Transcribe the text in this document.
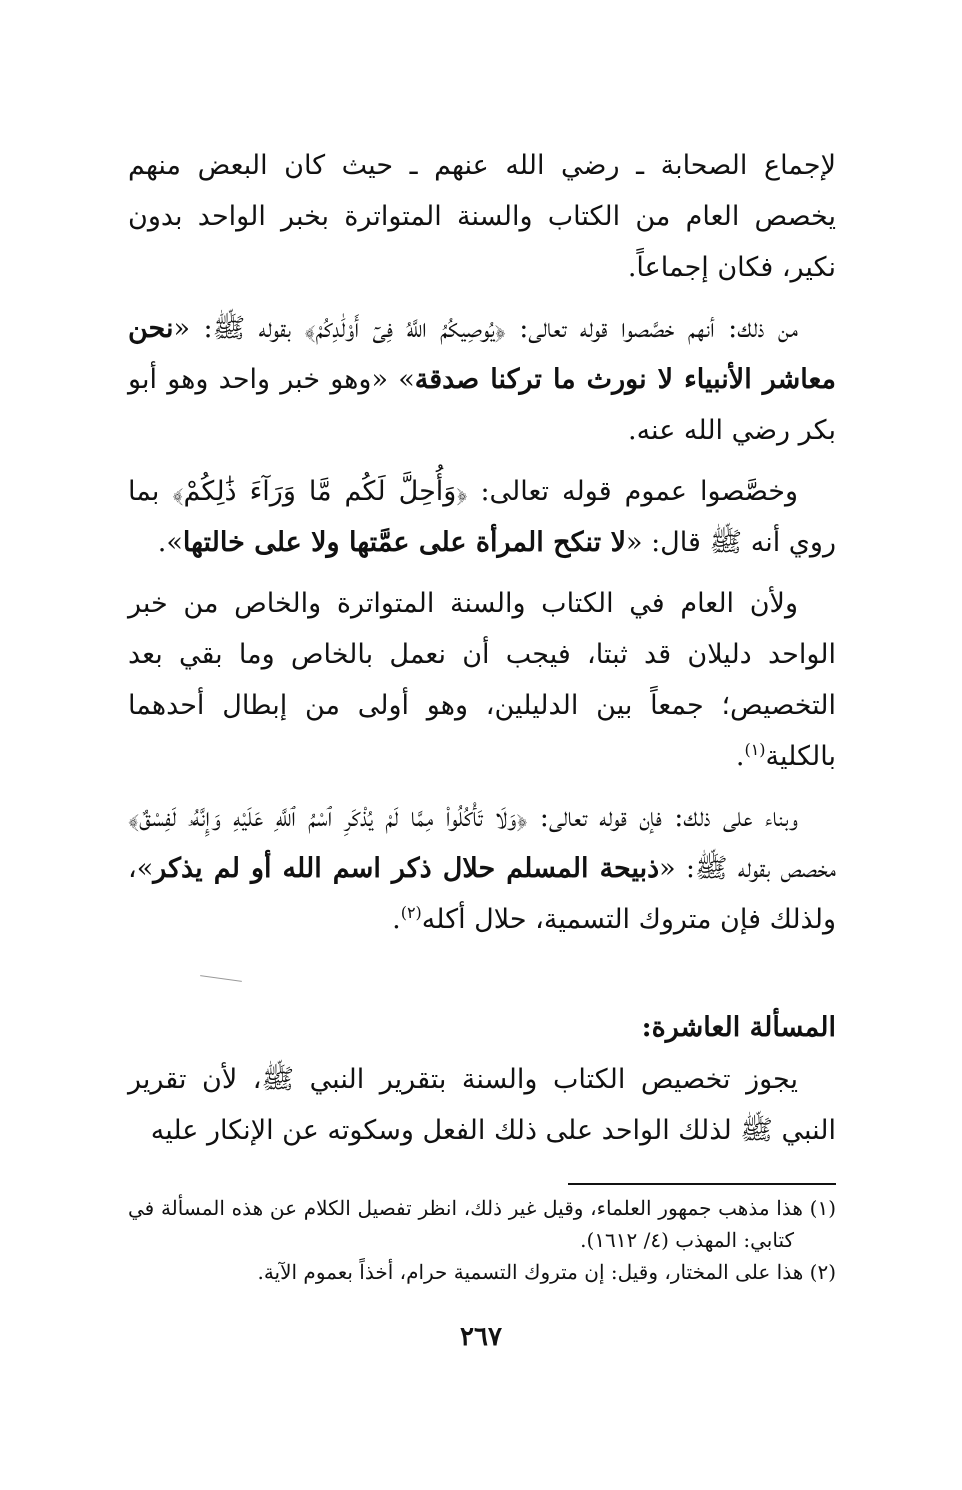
لإجماع الصحابة ـ رضي الله عنهم ـ حيث كان البعض منهم يخصص العام من الكتاب والسنة المتواترة بخبر الواحد بدون نكير، فكان إجماعاً.

من ذلك: أنهم خصَّصوا قوله تعالى: ﴿يُوصِيكُمُ اللَّهُ فِىٓ أَوْلَٰدِكُمْ﴾ بقوله ﷺ: «نحن معاشر الأنبياء لا نورث ما تركنا صدقة» «وهو خبر واحد وهو أبو بكر رضي الله عنه.

وخصَّصوا عموم قوله تعالى: ﴿وَأُحِلَّ لَكُم مَّا وَرَآءَ ذَٰلِكُمْ﴾ بما روي أنه ﷺ قال: «لا تنكح المرأة على عمَّتها ولا على خالتها».

ولأن العام في الكتاب والسنة المتواترة والخاص من خبر الواحد دليلان قد ثبتا، فيجب أن نعمل بالخاص وما بقي بعد التخصيص؛ جمعاً بين الدليلين، وهو أولى من إبطال أحدهما بالكلية$^{(١)}$.

وبناء على ذلك: فإن قوله تعالى: ﴿وَلَا تَأْكُلُوا۟ مِمَّا لَمْ يُذْكَرِ ٱسْمُ ٱللَّهِ عَلَيْهِ وَإِنَّهُۥ لَفِسْقٌ﴾ مخصص بقوله ﷺ: «ذبيحة المسلم حلال ذكر اسم الله أو لم يذكر»، ولذلك فإن متروك التسمية، حلال أكله$^{(٢)}$.

المسألة العاشرة:

يجوز تخصيص الكتاب والسنة بتقرير النبي ﷺ، لأن تقرير النبي ﷺ لذلك الواحد على ذلك الفعل وسكوته عن الإنكار عليه

(١) هذا مذهب جمهور العلماء، وقيل غير ذلك، انظر تفصيل الكلام عن هذه المسألة في كتابي: المهذب (٤/ ١٦١٢).

(٢) هذا على المختار، وقيل: إن متروك التسمية حرام، أخذاً بعموم الآية.

٢٦٧
